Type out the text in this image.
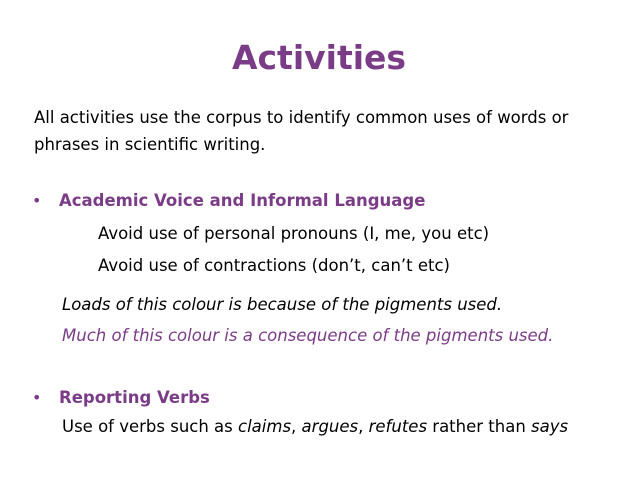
Activities
All activities use the corpus to identify common uses of words or phrases in scientific writing.
• Academic Voice and Informal Language
Avoid use of personal pronouns (I, me, you etc)
Avoid use of contractions (don’t, can’t etc)
Loads of this colour is because of the pigments used.
Much of this colour is a consequence of the pigments used.
• Reporting Verbs
Use of verbs such as claims, argues, refutes rather than says
